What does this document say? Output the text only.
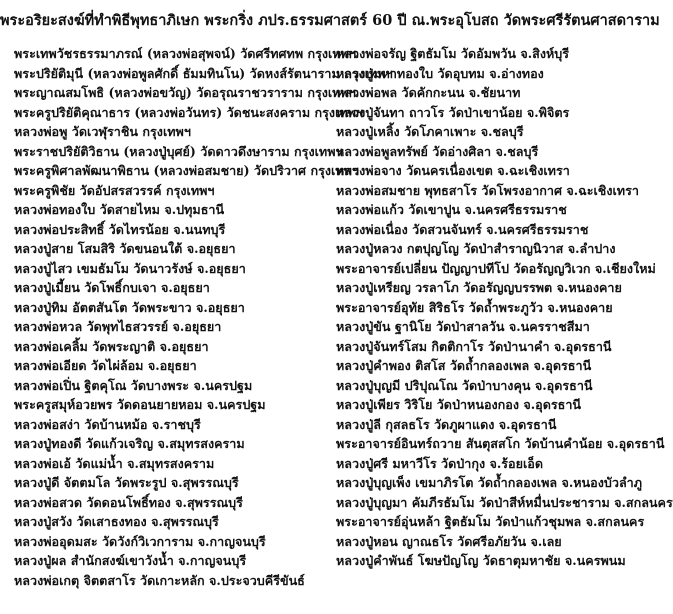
พระอริยะสงฆ์ที่ทำพิธีพุทธาภิเษก พระกริ่ง ภปร.ธรรมศาสตร์ 60 ปี ณ.พระอุโบสถ วัดพระศรีรัตนศาสดาราม
พระเทพวัชรธรรมาภรณ์ (หลวงพ่อสุพจน์) วัดศรีทศทพ กรุงเทพฯ
พระปริยัติมุนี (หลวงพ่อพูลศักดิ์ ธัมมทินโน) วัดหงส์รัตนาราม กรุงเทพฯ
พระญาณสมโพธิ (หลวงพ่อขวัญ) วัดอรุณราชวราราม กรุงเทพฯ
พระครูปริยัติคุณาธาร (หลวงพ่อวันทร) วัดชนะสงคราม กรุงเทพฯ
หลวงพ่อพู วัดเวฬุราชิน กรุงเทพฯ
พระราชปริยัติวิธาน (หลวงปู่บุศย์) วัดดาวดึงษาราม กรุงเทพฯ
พระครูพิศาลพัฒนาพิธาน (หลวงพ่อสมชาย) วัดปริวาศ กรุงเทพฯ
พระครูพิชัย วัดอัปสรสวรรค์ กรุงเทพฯ
หลวงพ่อทองใบ วัดสายไหม จ.ปทุมธานี
หลวงพ่อประสิทธิ์ วัดไทรน้อย จ.นนทบุรี
หลวงปู่สาย โสมสิริ วัดขนอนใต้ จ.อยุธยา
หลวงปู่ไสว เขมธัมโม วัดนาวรังษ์ จ.อยุธยา
หลวงปู่เมี้ยน วัดโพธิ์กบเจา จ.อยุธยา
หลวงปู่ทิม อัตตสันโต วัดพระขาว จ.อยุธยา
หลวงพ่อหวล วัดพุทไธสวรรย์ จ.อยุธยา
หลวงพ่อเคลิ้ม วัดพระญาติ จ.อยุธยา
หลวงพ่อเอียด วัดไผ่ล้อม จ.อยุธยา
หลวงพ่อเปิ่น ฐิตคุโณ วัดบางพระ จ.นครปฐม
พระครูสมุห์อวยพร วัดดอนยายหอม จ.นครปฐม
หลวงพ่อสง่า วัดบ้านหม้อ จ.ราชบุรี
หลวงปู่ทองดี วัดแก้วเจริญ จ.สมุทรสงคราม
หลวงพ่อเอ้ วัดแม่น้ำ จ.สมุทรสงคราม
หลวงปู่ดี จัตตมโล วัดพระรูป จ.สุพรรณบุรี
หลวงพ่อสวด วัดดอนโพธิ์ทอง จ.สุพรรณบุรี
หลวงปู่สวัง วัดเสาธงทอง จ.สุพรรณบุรี
หลวงพ่ออุดมสะ วัดวังก์วิเวการาม จ.กาญจนบุรี
หลวงปู่ผล สำนักสงฆ์เขาวังน้ำ จ.กาญจนบุรี
หลวงพ่อเกตุ จิตตสาโร วัดเกาะหลัก จ.ประจวบคีรีขันธ์
หลวงพ่อจรัญ ฐิตธัมโม วัดอัมพวัน จ.สิงห์บุรี
หลวงปู่มหาทองใบ วัดอุบทม จ.อ่างทอง
หลวงพ่อพล วัดคักกะนน จ.ชัยนาท
หลวงปู่จันทา ถาวโร วัดป่าเขาน้อย จ.พิจิตร
หลวงปู่เหลิ้ง วัดโภคาเพาะ จ.ชลบุรี
หลวงพ่อพูลทรัพย์ วัดอ่างศิลา จ.ชลบุรี
หลวงพ่อจาง วัดนครเนื่องเขต จ.ฉะเชิงเทรา
หลวงพ่อสมชาย พุทธสาโร วัดโพรงอากาศ จ.ฉะเชิงเทรา
หลวงพ่อแก้ว วัดเขาปูน จ.นครศรีธรรมราช
หลวงพ่อเนื่อง วัดสวนจันทร์ จ.นครศรีธรรมราช
หลวงปู่หลวง กตปุญโญ วัดป่าสำราญนิวาส จ.ลำปาง
พระอาจารย์เปลี่ยน ปัญญาปทีโป วัดอรัญญวิเวก จ.เชียงใหม่
หลวงปู่เหรียญ วรลาโภ วัดอรัญญบรรพต จ.หนองคาย
พระอาจารย์อุทัย สิริธโร วัดถ้ำพระภูวัว จ.หนองคาย
หลวงปู่ขัน ฐานิโย วัดป่าสาลวัน จ.นครราชสีมา
หลวงปู่จันทร์โสม กิตติกาโร วัดป่านาคำ จ.อุดรธานี
หลวงปู่คำพอง ติสโส วัดถ้ำกลองเพล จ.อุดรธานี
หลวงปู่บุญมี ปริปุณโณ วัดป่าบางคุน จ.อุดรธานี
หลวงปู่เพียร วิริโย วัดป่าหนองกอง จ.อุดรธานี
หลวงปู่ลี กุสลธโร วัดภูผาแดง จ.อุดรธานี
พระอาจารย์อินทร์ถวาย สันตุสสโก วัดบ้านคำน้อย จ.อุดรธานี
หลวงปู่ศรี มหาวีโร วัดป่ากุง จ.ร้อยเอ็ด
หลวงปู่บุญเพ็ง เขมาภิรโต วัดถ้ำกลองเพล จ.หนองบัวลำภู
หลวงปู่บุญมา คัมภีรธัมโม วัดป่าสีห์หมื่นประชาราม จ.สกลนคร
พระอาจารย์อุ่นหล้า ฐิตธัมโม วัดป่าแก้วชุมพล จ.สกลนคร
หลวงปู่หอน ญาณธโร วัดศรีอภัยวัน จ.เลย
หลวงปู่คำพันธ์ โฆษปัญโญ วัดธาตุมหาชัย จ.นครพนม
